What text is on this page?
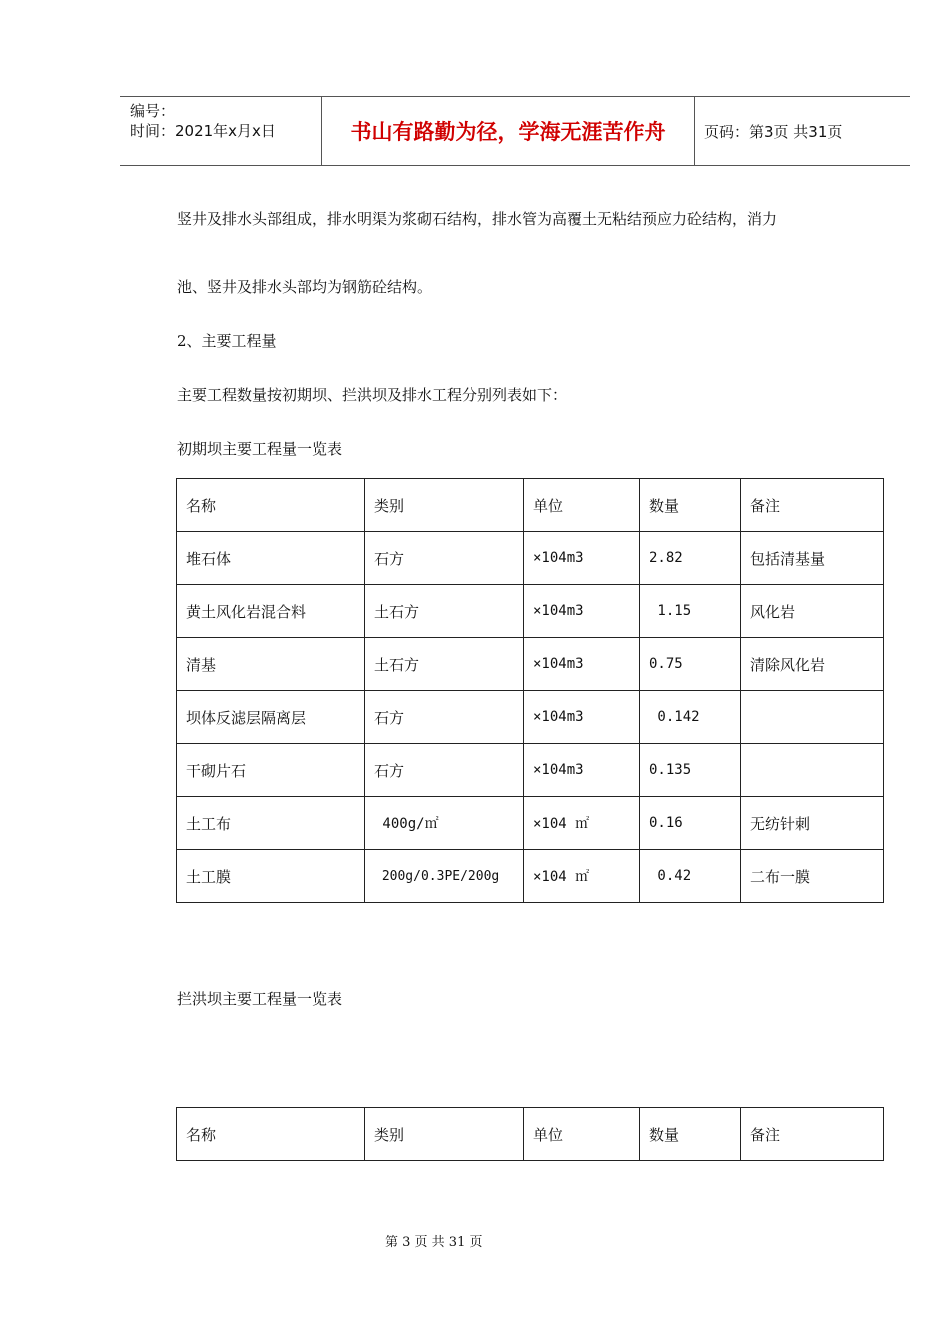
编号：
时间：2021年x月x日	书山有路勤为径，学海无涯苦作舟	页码：第3页 共31页
竖井及排水头部组成，排水明渠为浆砌石结构，排水管为高覆土无粘结预应力砼结构，消力
池、竖井及排水头部均为钢筋砼结构。
2、主要工程量
主要工程数量按初期坝、拦洪坝及排水工程分别列表如下：
初期坝主要工程量一览表
名称	类别	单位	数量	备注
堆石体	石方	×104m3	2.82	包括清基量
黄土风化岩混合料	土石方	×104m3	1.15	风化岩
清基	土石方	×104m3	0.75	清除风化岩
坝体反滤层隔离层	石方	×104m3	0.142	
干砌片石	石方	×104m3	0.135	
土工布	400g/㎡	×104 ㎡	0.16	无纺针刺
土工膜	200g/0.3PE/200g	×104 ㎡	0.42	二布一膜
拦洪坝主要工程量一览表
名称	类别	单位	数量	备注
第 3 页 共 31 页
